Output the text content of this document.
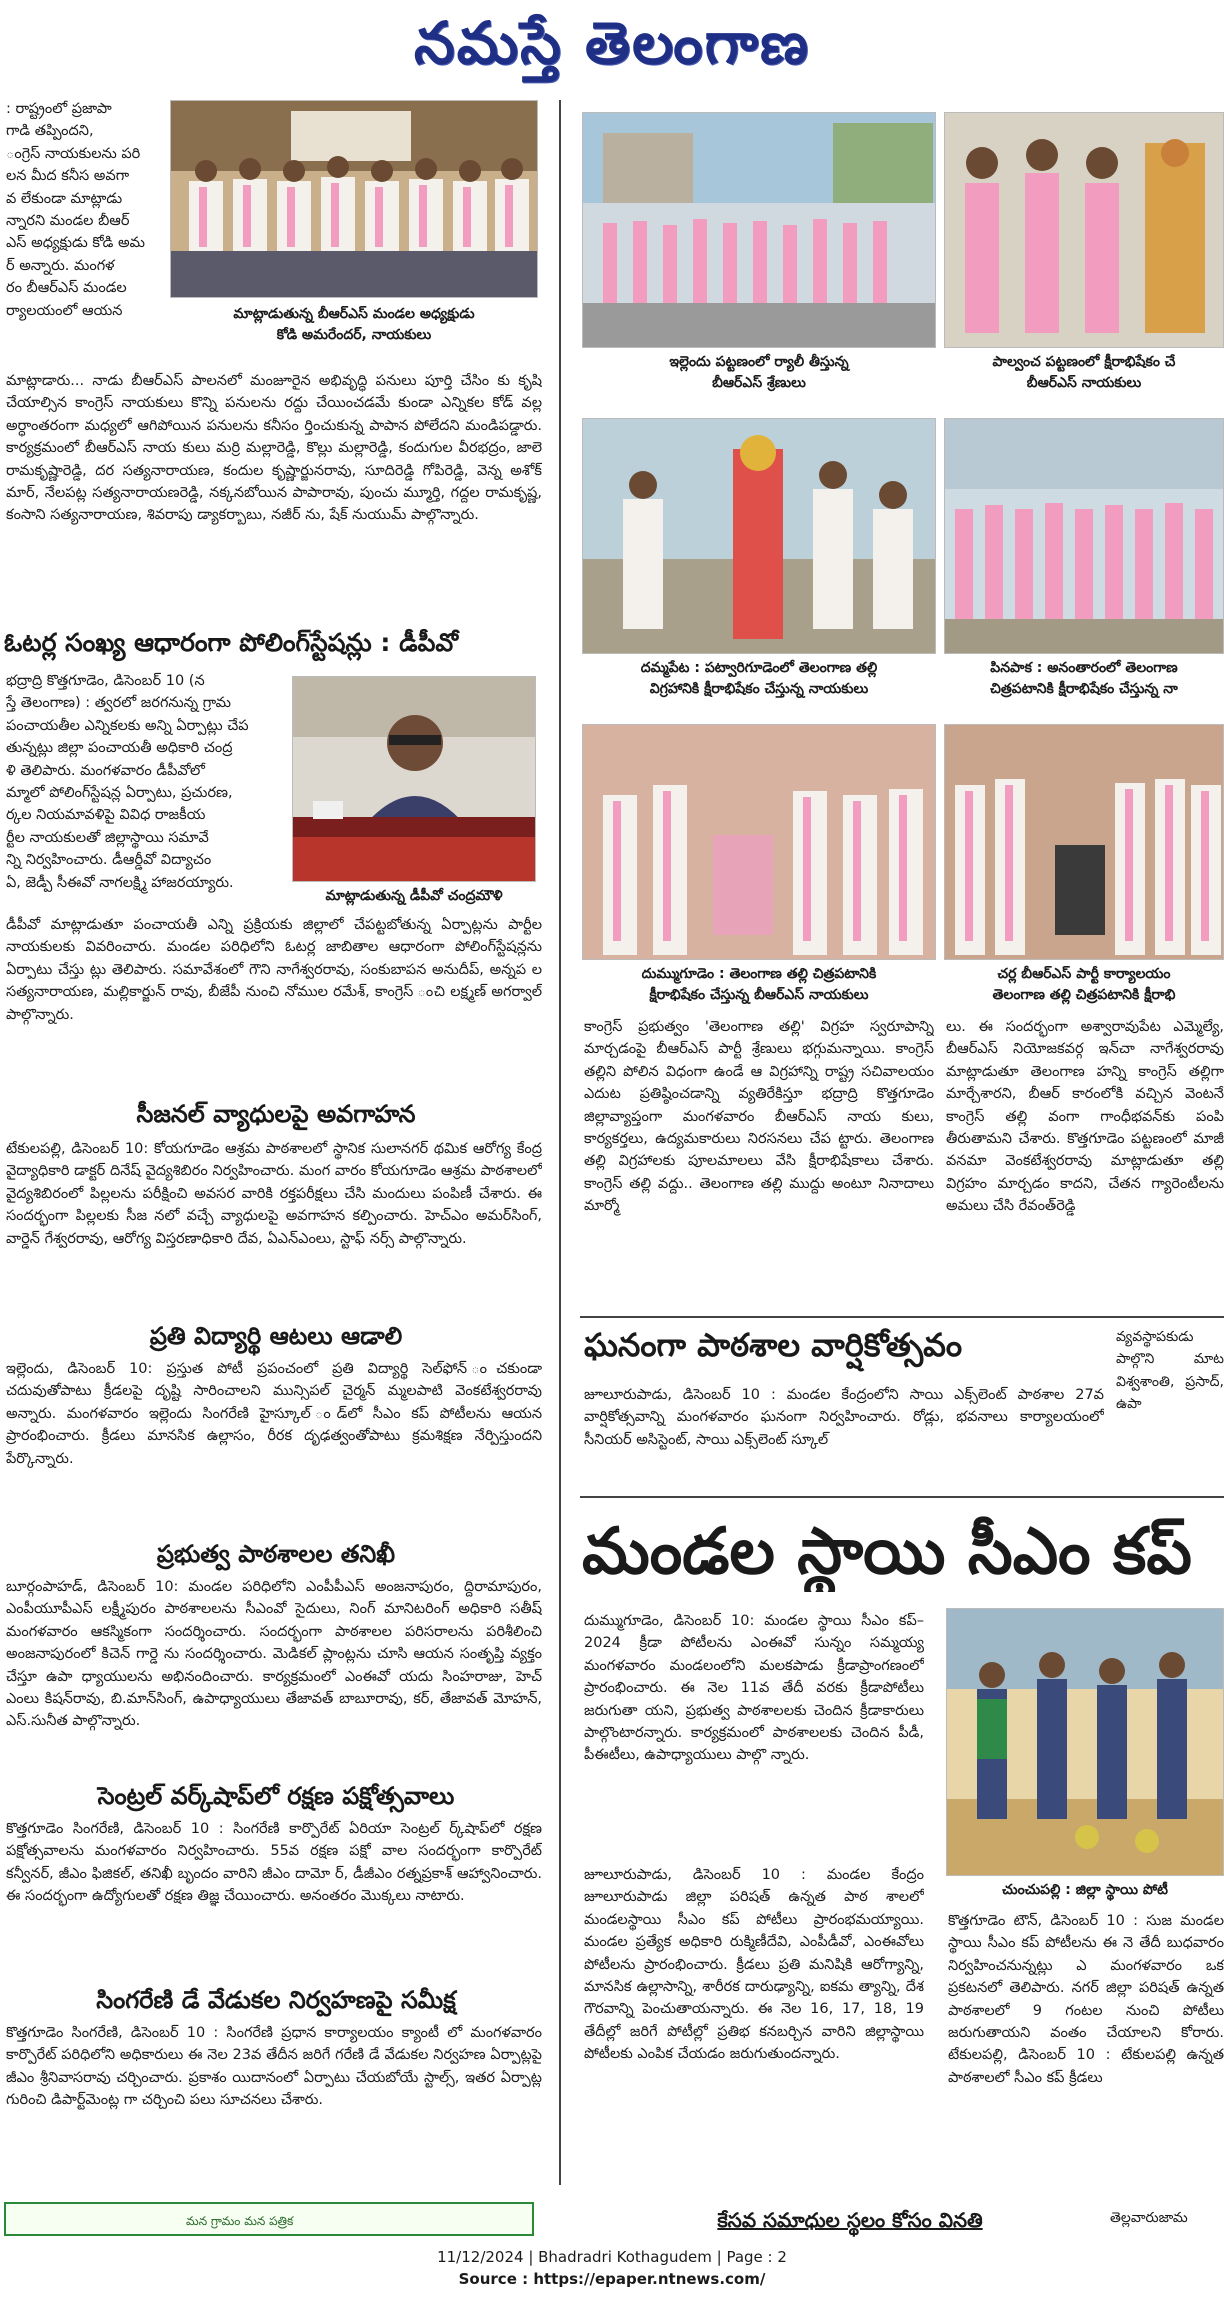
నమస్తే తెలంగాణ

: రాష్ట్రంలో ప్రజాపా

గాడి తప్పిందని,

ంగ్రెస్ నాయకులను పరి

లన మీద కనీస అవగా

వ లేకుండా మాట్లాడు

న్నారని మండల బీఆర్

ఎస్ అధ్యక్షుడు కోడి అమ

ర్ అన్నారు. మంగళ

రం బీఆర్ఎస్ మండల

ర్యాలయంలో ఆయన	మాట్లాడుతున్న బీఆర్ఎస్ మండల అధ్యక్షుడు
కోడి అమరేందర్, నాయకులు

మాట్లాడారు... నాడు బీఆర్ఎస్ పాలనలో మంజూరైన అభివృద్ధి పనులు పూర్తి చేసిం కు కృషి చేయాల్సిన కాంగ్రెస్ నాయకులు కొన్ని పనులను రద్దు చేయించడమే కుండా ఎన్నికల కోడ్ వల్ల అర్ధాంతరంగా మధ్యలో ఆగిపోయిన పనులను కనీసం ర్తించుకున్న పాపాన పోలేదని మండిపడ్డారు. కార్యక్రమంలో బీఆర్ఎస్ నాయ కులు మర్రి మల్లారెడ్డి, కొల్లు మల్లారెడ్డి, కందుగుల వీరభద్రం, జాలె రామకృష్ణారెడ్డి, దర సత్యనారాయణ, కందుల కృష్ణార్జునరావు, సూదిరెడ్డి గోపిరెడ్డి, వెన్న అశోక్ మార్, నేలపట్ల సత్యనారాయణరెడ్డి, నక్కనబోయిన పాపారావు, పుంచు మ్మూర్తి, గద్దల రామకృష్ణ, కంసాని సత్యనారాయణ, శివరాపు డ్యాకర్బాబు, నజీర్ ను, షేక్ నుయుమ్ పాల్గొన్నారు.

ఓటర్ల సంఖ్య ఆధారంగా పోలింగ్‌స్టేషన్లు : డీపీవో

భద్రాద్రి కొత్తగూడెం, డిసెంబర్ 10 (న

స్తే తెలంగాణ) : త్వరలో జరగనున్న గ్రామ

పంచాయతీల ఎన్నికలకు అన్ని ఏర్పాట్లు చేప

తున్నట్లు జిల్లా పంచాయతీ అధికారి చంద్ర

ళి తెలిపారు. మంగళవారం డీపీవోలో

మ్మాలో పోలింగ్‌స్టేషన్ల ఏర్పాటు, ప్రచురణ,

ర్కల నియమావళిపై వివిధ రాజకీయ

ర్టీల నాయకులతో జిల్లాస్థాయి సమావే

న్ని నిర్వహించారు. డీఆర్డీవో విద్యాచం

ఏ, జెడ్పీ సీఈవో నాగలక్ష్మి హాజరయ్యారు.

మాట్లాడుతున్న డీపీవో చంద్రమౌళి

డీపీవో మాట్లాడుతూ పంచాయతీ ఎన్ని ప్రక్రియకు జిల్లాలో చేపట్టబోతున్న ఏర్పాట్లను పార్టీల నాయకులకు వివరించారు. మండల పరిధిలోని ఓటర్ల జాబితాల ఆధారంగా పోలింగ్‌స్టేషన్లను ఏర్పాటు చేస్తు ట్లు తెలిపారు. సమావేశంలో గౌని నాగేశ్వరరావు, సంకుబాపన అనుదీప్, అన్నప ల సత్యనారాయణ, మల్లికార్జున్ రావు, బీజేపీ నుంచి నోముల రమేశ్, కాంగ్రెస్ ంచి లక్ష్మణ్ అగర్వాల్ పాల్గొన్నారు.

సీజనల్ వ్యాధులపై అవగాహన

టేకులపల్లి, డిసెంబర్ 10: కోయగూడెం ఆశ్రమ పాఠశాలలో స్థానిక సులానగర్ థమిక ఆరోగ్య కేంద్ర వైద్యాధికారి డాక్టర్ దినేష్ వైద్యశిబిరం నిర్వహించారు. మంగ వారం కోయగూడెం ఆశ్రమ పాఠశాలలో వైద్యశిబిరంలో పిల్లలను పరీక్షించి అవసర వారికి రక్తపరీక్షలు చేసి మందులు పంపిణీ చేశారు. ఈ సందర్భంగా పిల్లలకు సీజ నలో వచ్చే వ్యాధులపై అవగాహన కల్పించారు. హెచ్ఎం అమర్‌సింగ్, వార్డెన్ గేశ్వరరావు, ఆరోగ్య విస్తరణాధికారి దేవ, ఏఎన్ఎంలు, స్టాఫ్ నర్స్ పాల్గొన్నారు.

ప్రతి విద్యార్థి ఆటలు ఆడాలి

ఇల్లెందు, డిసెంబర్ 10: ప్రస్తుత పోటీ ప్రపంచంలో ప్రతి విద్యార్థి సెల్‌ఫోన్ ంచకుండా చదువుతోపాటు క్రీడలపై దృష్టి సారించాలని మున్సిపల్ చైర్మన్ మ్మలపాటి వెంకటేశ్వరరావు అన్నారు. మంగళవారం ఇల్లెందు సింగరేణి హైస్కూల్ ండ్‌లో సీఎం కప్ పోటీలను ఆయన ప్రారంభించారు. క్రీడలు మానసిక ఉల్లాసం, రీరక దృఢత్వంతోపాటు క్రమశిక్షణ నేర్పిస్తుందని పేర్కొన్నారు.

ప్రభుత్వ పాఠశాలల తనిఖీ

బూర్గంపాహడ్, డిసెంబర్ 10: మండల పరిధిలోని ఎంపీపీఎస్ అంజనాపురం, ద్దిరామాపురం, ఎంపీయూపీఎస్ లక్ష్మీపురం పాఠశాలలను సీఎంవో సైదులు, నింగ్ మానిటరింగ్ అధికారి సతీష్ మంగళవారం ఆకస్మికంగా సందర్శించారు. సందర్భంగా పాఠశాలల పరిసరాలను పరిశీలించి అంజనాపురంలో కిచెన్ గార్డె ను సందర్శించారు. మెడికల్ ప్లాంట్లను చూసి ఆయన సంతృప్తి వ్యక్తం చేస్తూ ఉపా ధ్యాయులను అభినందించారు. కార్యక్రమంలో ఎంఈవో యదు సింహరాజు, హెచ్ ఎంలు కిషన్‌రావు, బి.మాన్‌సింగ్, ఉపాధ్యాయులు తేజావత్ బాబూరావు, కర్, తేజావత్ మోహన్, ఎస్.సునీత పాల్గొన్నారు.

సెంట్రల్ వర్క్‌షాప్‌లో రక్షణ పక్షోత్సవాలు

కొత్తగూడెం సింగరేణి, డిసెంబర్ 10 : సింగరేణి కార్పొరేట్ ఏరియా సెంట్రల్ ర్క్‌షాప్‌లో రక్షణ పక్షోత్సవాలను మంగళవారం నిర్వహించారు. 55వ రక్షణ పక్షో వాల సందర్భంగా కార్పొరేట్ కన్వీనర్, జీఎం ఫిజికల్, తనిఖీ బృందం వారిని జీఎం దామో ర్, డీజీఎం రత్నప్రకాశ్ ఆహ్వానించారు. ఈ సందర్భంగా ఉద్యోగులతో రక్షణ తిజ్ఞ చేయించారు. అనంతరం మొక్కలు నాటారు.

సింగరేణి డే వేడుకల నిర్వహణపై సమీక్ష

కొత్తగూడెం సింగరేణి, డిసెంబర్ 10 : సింగరేణి ప్రధాన కార్యాలయం క్యాంటీ లో మంగళవారం కార్పొరేట్ పరిధిలోని అధికారులు ఈ నెల 23వ తేదీన జరిగే గరేణి డే వేడుకల నిర్వహణ ఏర్పాట్లపై జీఎం శ్రీనివాసరావు చర్చించారు. ప్రకాశం యిదానంలో ఏర్పాటు చేయబోయే స్టాల్స్, ఇతర ఏర్పాట్ల గురించి డిపార్ట్‌మెంట్ల గా చర్చించి పలు సూచనలు చేశారు.

మన గ్రామం మన పత్రిక
ఇల్లెందు పట్టణంలో ర్యాలీ తీస్తున్న
బీఆర్ఎస్ శ్రేణులు
పాల్వంచ పట్టణంలో క్షీరాభిషేకం చే
బీఆర్ఎస్ నాయకులు
దమ్మపేట : పట్వారిగూడెంలో తెలంగాణ తల్లి
విగ్రహానికి క్షీరాభిషేకం చేస్తున్న నాయకులు
పినపాక : అనంతారంలో తెలంగాణ
చిత్రపటానికి క్షీరాభిషేకం చేస్తున్న నా
దుమ్ముగూడెం : తెలంగాణ తల్లి చిత్రపటానికి
క్షీరాభిషేకం చేస్తున్న బీఆర్ఎస్ నాయకులు
చర్ల బీఆర్ఎస్ పార్టీ కార్యాలయం
తెలంగాణ తల్లి చిత్రపటానికి క్షీరాభి

కాంగ్రెస్ ప్రభుత్వం 'తెలంగాణ తల్లి' విగ్రహ స్వరూపాన్ని మార్చడంపై బీఆర్ఎస్ పార్టీ శ్రేణులు భగ్గుమన్నాయి. కాంగ్రెస్ తల్లిని పోలిన విధంగా ఉండే ఆ విగ్రహాన్ని రాష్ట్ర సచివాలయం ఎదుట ప్రతిష్ఠించడాన్ని వ్యతిరేకిస్తూ భద్రాద్రి కొత్తగూడెం జిల్లావ్యాప్తంగా మంగళవారం బీఆర్ఎస్ నాయ కులు, కార్యకర్తలు, ఉద్యమకారులు నిరసనలు చేప ట్టారు. తెలంగాణ తల్లి విగ్రహాలకు పూలమాలలు వేసి క్షీరాభిషేకాలు చేశారు. కాంగ్రెస్ తల్లి వద్దు.. తెలంగాణ తల్లి ముద్దు అంటూ నినాదాలు మార్మో

లు. ఈ సందర్భంగా అశ్వారావుపేట ఎమ్మెల్యే, బీఆర్ఎస్ నియోజకవర్గ ఇన్‌చా నాగేశ్వరరావు మాట్లాడుతూ తెలంగాణ హన్ని కాంగ్రెస్ తల్లిగా మార్చేశారని, బీఆర్ కారంలోకి వచ్చిన వెంటనే కాంగ్రెస్ తల్లి వంగా గాంధీభవన్‌కు పంపి తీరుతామని చేశారు. కొత్తగూడెం పట్టణంలో మాజీ వనమా వెంకటేశ్వరరావు మాట్లాడుతూ తల్లి విగ్రహం మార్చడం కాదని, చేతన గ్యారెంటీలను అమలు చేసి రేవంత్‌రెడ్డి

ఘనంగా పాఠశాల వార్షికోత్సవం

జూలూరుపాడు, డిసెంబర్ 10 : మండల కేంద్రంలోని సాయి ఎక్స్‌లెంట్ పాఠశాల 27వ వార్షికోత్సవాన్ని మంగళవారం ఘనంగా నిర్వహించారు. రోడ్లు, భవనాలు కార్యాలయంలో సీనియర్ అసిస్టెంట్, సాయి ఎక్స్‌లెంట్ స్కూల్

వ్యవస్థాపకుడు పాల్గొని మాట విశ్వశాంతి, ప్రసాద్, ఉపా

మండల స్థాయి సీఎం కప్

దుమ్ముగూడెం, డిసెంబర్ 10: మండల స్థాయి సీఎం కప్–2024 క్రీడా పోటీలను ఎంఈవో సున్నం సమ్మయ్య మంగళవారం మండలంలోని మలకపాడు క్రీడాప్రాంగణంలో ప్రారంభించారు. ఈ నెల 11వ తేదీ వరకు క్రీడాపోటీలు జరుగుతా యని, ప్రభుత్వ పాఠశాలలకు చెందిన క్రీడాకారులు పాల్గొంటారన్నారు. కార్యక్రమంలో పాఠశాలలకు చెందిన పీడీ, పీఈటీలు, ఉపాధ్యాయులు పాల్గొ న్నారు.

జూలూరుపాడు, డిసెంబర్ 10 : మండల కేంద్రం జూలూరుపాడు జిల్లా పరిషత్ ఉన్నత పాఠ శాలలో మండలస్థాయి సీఎం కప్ పోటీలు ప్రారంభమయ్యాయి. మండల ప్రత్యేక అధికారి రుక్మిణీదేవి, ఎంపీడీవో, ఎంఈవోలు పోటీలను ప్రారంభించారు. క్రీడలు ప్రతి మనిషికి ఆరోగ్యాన్ని, మానసిక ఉల్లాసాన్ని, శారీరక దారుఢ్యాన్ని, ఐకమ త్యాన్ని, దేశ గౌరవాన్ని పెంచుతాయన్నారు. ఈ నెల 16, 17, 18, 19 తేదీల్లో జరిగే పోటీల్లో ప్రతిభ కనబర్చిన వారిని జిల్లాస్థాయి పోటీలకు ఎంపిక చేయడం జరుగుతుందన్నారు.

చుంచుపల్లి : జిల్లా స్థాయి పోటీ

కొత్తగూడెం టౌన్, డిసెంబర్ 10 : సుజ మండల స్థాయి సీఎం కప్ పోటీలను ఈ నె తేదీ బుధవారం నిర్వహించనున్నట్లు ఎ మంగళవారం ఒక ప్రకటనలో తెలిపారు. నగర్ జిల్లా పరిషత్ ఉన్నత పాఠశాలలో 9 గంటల నుంచి పోటీలు జరుగుతాయని వంతం చేయాలని కోరారు. టేకులపల్లి, డిసెంబర్ 10 : టేకులపల్లి ఉన్నత పాఠశాలలో సీఎం కప్ క్రీడలు

కేసవ సమాధుల స్థలం కోసం వినతి	తెల్లవారుజామ
11/12/2024 | Bhadradri Kothagudem | Page : 2
Source : https://epaper.ntnews.com/
